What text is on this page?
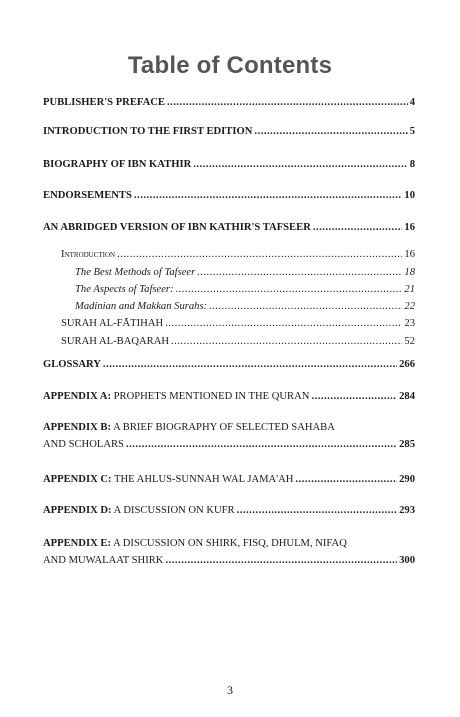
Table of Contents
PUBLISHER'S PREFACE .....	4
INTRODUCTION TO THE FIRST EDITION .....	5
BIOGRAPHY OF IBN KATHIR .....	8
ENDORSEMENTS .....	10
AN ABRIDGED VERSION OF IBN KATHIR'S TAFSEER .....	16
Introduction .....	16
The Best Methods of Tafseer .....	18
The Aspects of Tafseer: .....	21
Madinian and Makkan Surahs: .....	22
SURAH AL-FĀTIHAH .....	23
SURAH AL-BAQARAH .....	52
GLOSSARY .....	266
APPENDIX A: PROPHETS MENTIONED IN THE QURAN .....	284
APPENDIX B: A BRIEF BIOGRAPHY OF SELECTED SAHABA
AND SCHOLARS .....	285
APPENDIX C: THE AHLUS-SUNNAH WAL JAMA'AH .....	290
APPENDIX D: A DISCUSSION ON KUFR .....	293
APPENDIX E: A DISCUSSION ON SHIRK, FISQ, DHULM, NIFAQ
AND MUWALAAT SHIRK .....	300
3
